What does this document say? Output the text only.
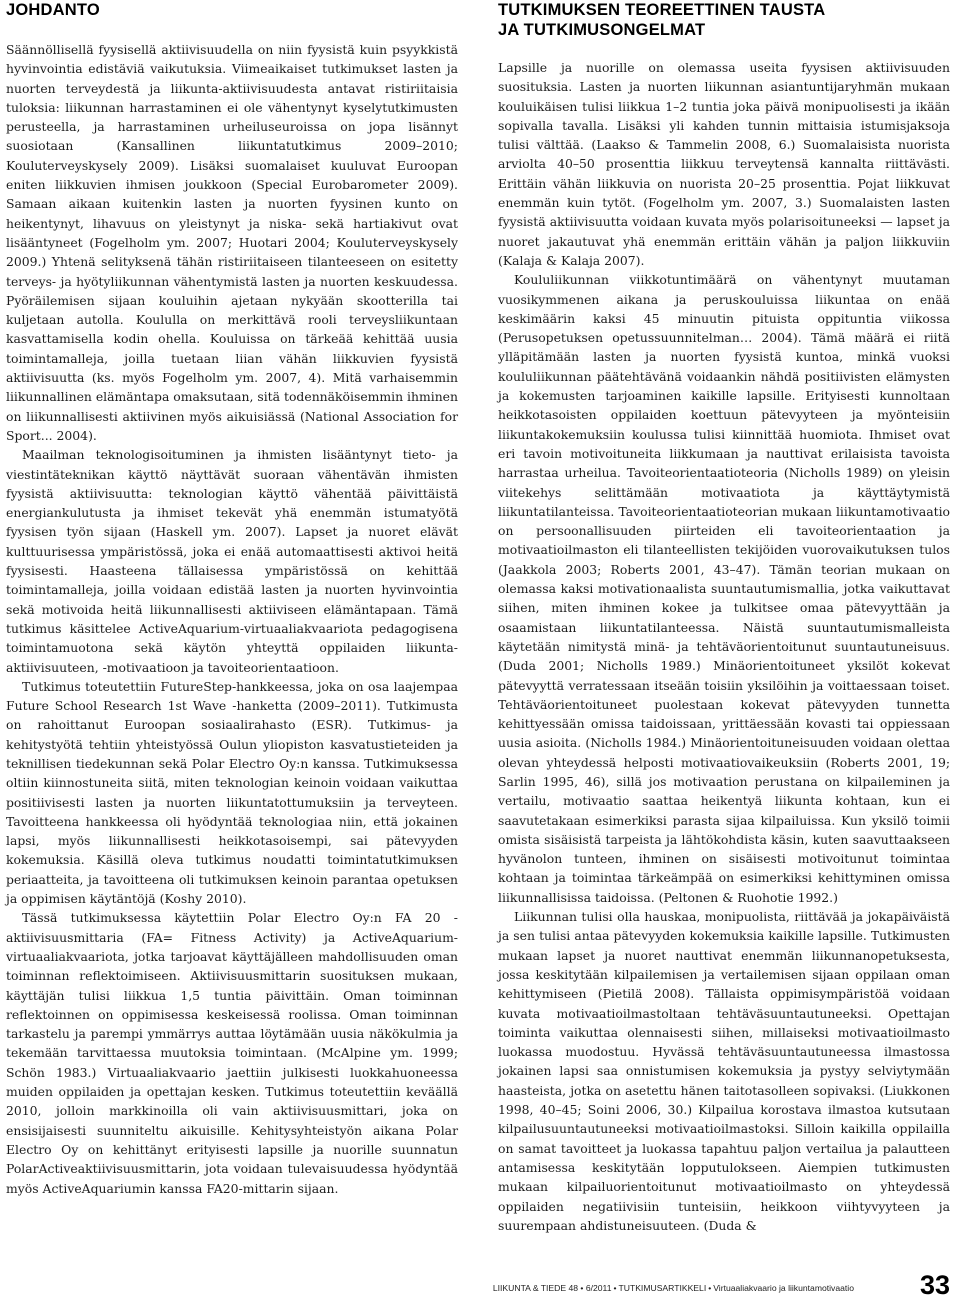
JOHDANTO

Säännöllisellä fyysisellä aktiivisuudella on niin fyysistä kuin psyykkistä hyvinvointia edistäviä vaikutuksia. Viimeaikaiset tutkimukset lasten ja nuorten terveydestä ja liikunta-aktiivisuudesta antavat ristiriitaisia tuloksia: liikunnan harrastaminen ei ole vähentynyt kyselytutkimusten perusteella, ja harrastaminen urheiluseuroissa on jopa lisännyt suosiotaan (Kansallinen liikuntatutkimus 2009–2010; Kouluterveyskysely 2009). Lisäksi suomalaiset kuuluvat Euroopan eniten liikkuvien ihmisen joukkoon (Special Eurobarometer 2009). Samaan aikaan kuitenkin lasten ja nuorten fyysinen kunto on heikentynyt, lihavuus on yleistynyt ja niska- sekä hartiakivut ovat lisääntyneet (Fogelholm ym. 2007; Huotari 2004; Kouluterveyskysely 2009.) Yhtenä selityksenä tähän ristiriitaiseen tilanteeseen on esitetty terveys- ja hyötyliikunnan vähentymistä lasten ja nuorten keskuudessa. Pyöräilemisen sijaan kouluihin ajetaan nykyään skootterilla tai kuljetaan autolla. Koululla on merkittävä rooli terveysliikuntaan kasvattamisella kodin ohella. Kouluissa on tärkeää kehittää uusia toimintamalleja, joilla tuetaan liian vähän liikkuvien fyysistä aktiivisuutta (ks. myös Fogelholm ym. 2007, 4). Mitä varhaisemmin liikunnallinen elämäntapa omaksutaan, sitä todennäköisemmin ihminen on liikunnallisesti aktiivinen myös aikuisiässä (National Association for Sport... 2004).

Maailman teknologisoituminen ja ihmisten lisääntynyt tieto- ja viestintäteknikan käyttö näyttävät suoraan vähentävän ihmisten fyysistä aktiivisuutta: teknologian käyttö vähentää päivittäistä energiankulutusta ja ihmiset tekevät yhä enemmän istumatyötä fyysisen työn sijaan (Haskell ym. 2007). Lapset ja nuoret elävät kulttuurisessa ympäristössä, joka ei enää automaattisesti aktivoi heitä fyysisesti. Haasteena tällaisessa ympäristössä on kehittää toimintamalleja, joilla voidaan edistää lasten ja nuorten hyvinvointia sekä motivoida heitä liikunnallisesti aktiiviseen elämäntapaan. Tämä tutkimus käsittelee ActiveAquarium-virtuaaliakvaariota pedagogisena toimintamuotona sekä käytön yhteyttä oppilaiden liikunta-aktiivisuuteen, -motivaatioon ja tavoiteorientaatioon.

Tutkimus toteutettiin FutureStep-hankkeessa, joka on osa laajempaa Future School Research 1st Wave -hanketta (2009–2011). Tutkimusta on rahoittanut Euroopan sosiaalirahasto (ESR). Tutkimus- ja kehitystyötä tehtiin yhteistyössä Oulun yliopiston kasvatustieteiden ja teknillisen tiedekunnan sekä Polar Electro Oy:n kanssa. Tutkimuksessa oltiin kiinnostuneita siitä, miten teknologian keinoin voidaan vaikuttaa positiivisesti lasten ja nuorten liikuntatottumuksiin ja terveyteen. Tavoitteena hankkeessa oli hyödyntää teknologiaa niin, että jokainen lapsi, myös liikunnallisesti heikkotasoisempi, sai pätevyyden kokemuksia. Käsillä oleva tutkimus noudatti toimintatutkimuksen periaatteita, ja tavoitteena oli tutkimuksen keinoin parantaa opetuksen ja oppimisen käytäntöjä (Koshy 2010).

Tässä tutkimuksessa käytettiin Polar Electro Oy:n FA 20 -aktiivisuusmittaria (FA= Fitness Activity) ja ActiveAquarium-virtuaaliakvaariota, jotka tarjoavat käyttäjälleen mahdollisuuden oman toiminnan reflektoimiseen. Aktiivisuusmittarin suosituksen mukaan, käyttäjän tulisi liikkua 1,5 tuntia päivittäin. Oman toiminnan reflektoinnen on oppimisessa keskeisessä roolissa. Oman toiminnan tarkastelu ja parempi ymmärrys auttaa löytämään uusia näkökulmia ja tekemään tarvittaessa muutoksia toimintaan. (McAlpine ym. 1999; Schön 1983.) Virtuaaliakvaario jaettiin julkisesti luokkahuoneessa muiden oppilaiden ja opettajan kesken. Tutkimus toteutettiin keväällä 2010, jolloin markkinoilla oli vain aktiivisuusmittari, joka on ensisijaisesti suunniteltu aikuisille. Kehitysyhteistyön aikana Polar Electro Oy on kehittänyt erityisesti lapsille ja nuorille suunnatun PolarActiveaktiivisuusmittarin, jota voidaan tulevaisuudessa hyödyntää myös ActiveAquariumin kanssa FA20-mittarin sijaan.

TUTKIMUKSEN TEOREETTINEN TAUSTA
JA TUTKIMUSONGELMAT

Lapsille ja nuorille on olemassa useita fyysisen aktiivisuuden suosituksia. Lasten ja nuorten liikunnan asiantuntijaryhmän mukaan kouluikäisen tulisi liikkua 1–2 tuntia joka päivä monipuolisesti ja ikään sopivalla tavalla. Lisäksi yli kahden tunnin mittaisia istumisjaksoja tulisi välttää. (Laakso & Tammelin 2008, 6.) Suomalaisista nuorista arviolta 40–50 prosenttia liikkuu terveytensä kannalta riittävästi. Erittäin vähän liikkuvia on nuorista 20–25 prosenttia. Pojat liikkuvat enemmän kuin tytöt. (Fogelholm ym. 2007, 3.) Suomalaisten lasten fyysistä aktiivisuutta voidaan kuvata myös polarisoituneeksi — lapset ja nuoret jakautuvat yhä enemmän erittäin vähän ja paljon liikkuviin (Kalaja & Kalaja 2007).

Koululiikunnan viikkotuntimäärä on vähentynyt muutaman vuosikymmenen aikana ja peruskouluissa liikuntaa on enää keskimäärin kaksi 45 minuutin pituista oppituntia viikossa (Perusopetuksen opetussuunnitelman… 2004). Tämä määrä ei riitä ylläpitämään lasten ja nuorten fyysistä kuntoa, minkä vuoksi koululiikunnan päätehtävänä voidaankin nähdä positiivisten elämysten ja kokemusten tarjoaminen kaikille lapsille. Erityisesti kunnoltaan heikkotasoisten oppilaiden koettuun pätevyyteen ja myönteisiin liikuntakokemuksiin koulussa tulisi kiinnittää huomiota. Ihmiset ovat eri tavoin motivoituneita liikkumaan ja nauttivat erilaisista tavoista harrastaa urheilua. Tavoiteorientaatioteoria (Nicholls 1989) on yleisin viitekehys selittämään motivaatiota ja käyttäytymistä liikuntatilanteissa. Tavoiteorientaatioteorian mukaan liikuntamotivaatio on persoonallisuuden piirteiden eli tavoiteorientaation ja motivaatioilmaston eli tilanteellisten tekijöiden vuorovaikutuksen tulos (Jaakkola 2003; Roberts 2001, 43–47). Tämän teorian mukaan on olemassa kaksi motivationaalista suuntautumismallia, jotka vaikuttavat siihen, miten ihminen kokee ja tulkitsee omaa pätevyyttään ja osaamistaan liikuntatilanteessa. Näistä suuntautumismalleista käytetään nimitystä minä- ja tehtäväorientoitunut suuntautuneisuus. (Duda 2001; Nicholls 1989.) Minäorientoituneet yksilöt kokevat pätevyyttä verratessaan itseään toisiin yksilöihin ja voittaessaan toiset. Tehtäväorientoituneet puolestaan kokevat pätevyyden tunnetta kehittyessään omissa taidoissaan, yrittäessään kovasti tai oppiessaan uusia asioita. (Nicholls 1984.) Minäorientoituneisuuden voidaan olettaa olevan yhteydessä helposti motivaatiovaikeuksiin (Roberts 2001, 19; Sarlin 1995, 46), sillä jos motivaation perustana on kilpaileminen ja vertailu, motivaatio saattaa heikentyä liikunta kohtaan, kun ei saavutetakaan esimerkiksi parasta sijaa kilpailuissa. Kun yksilö toimii omista sisäisistä tarpeista ja lähtökohdista käsin, kuten saavuttaakseen hyvänolon tunteen, ihminen on sisäisesti motivoitunut toimintaa kohtaan ja toimintaa tärkeämpää on esimerkiksi kehittyminen omissa liikunnallisissa taidoissa. (Peltonen & Ruohotie 1992.)

Liikunnan tulisi olla hauskaa, monipuolista, riittävää ja jokapäiväistä ja sen tulisi antaa pätevyyden kokemuksia kaikille lapsille. Tutkimusten mukaan lapset ja nuoret nauttivat enemmän liikunnanopetuksesta, jossa keskitytään kilpailemisen ja vertailemisen sijaan oppilaan oman kehittymiseen (Pietilä 2008). Tällaista oppimisympäristöä voidaan kuvata motivaatioilmastoltaan tehtäväsuuntautuneeksi. Opettajan toiminta vaikuttaa olennaisesti siihen, millaiseksi motivaatioilmasto luokassa muodostuu. Hyvässä tehtäväsuuntautuneessa ilmastossa jokainen lapsi saa onnistumisen kokemuksia ja pystyy selviytymään haasteista, jotka on asetettu hänen taitotasolleen sopivaksi. (Liukkonen 1998, 40–45; Soini 2006, 30.) Kilpailua korostava ilmastoa kutsutaan kilpailusuuntautuneeksi motivaatioilmastoksi. Silloin kaikilla oppilailla on samat tavoitteet ja luokassa tapahtuu paljon vertailua ja palautteen antamisessa keskitytään lopputulokseen. Aiempien tutkimusten mukaan kilpailuorientoitunut motivaatioilmasto on yhteydessä oppilaiden negatiivisiin tunteisiin, heikkoon viihtyvyyteen ja suurempaan ahdistuneisuuteen. (Duda &

LIIKUNTA & TIEDE 48 • 6/2011 • TUTKIMUSARTIKKELI • Virtuaaliakvaario ja liikuntamotivaatio 33
